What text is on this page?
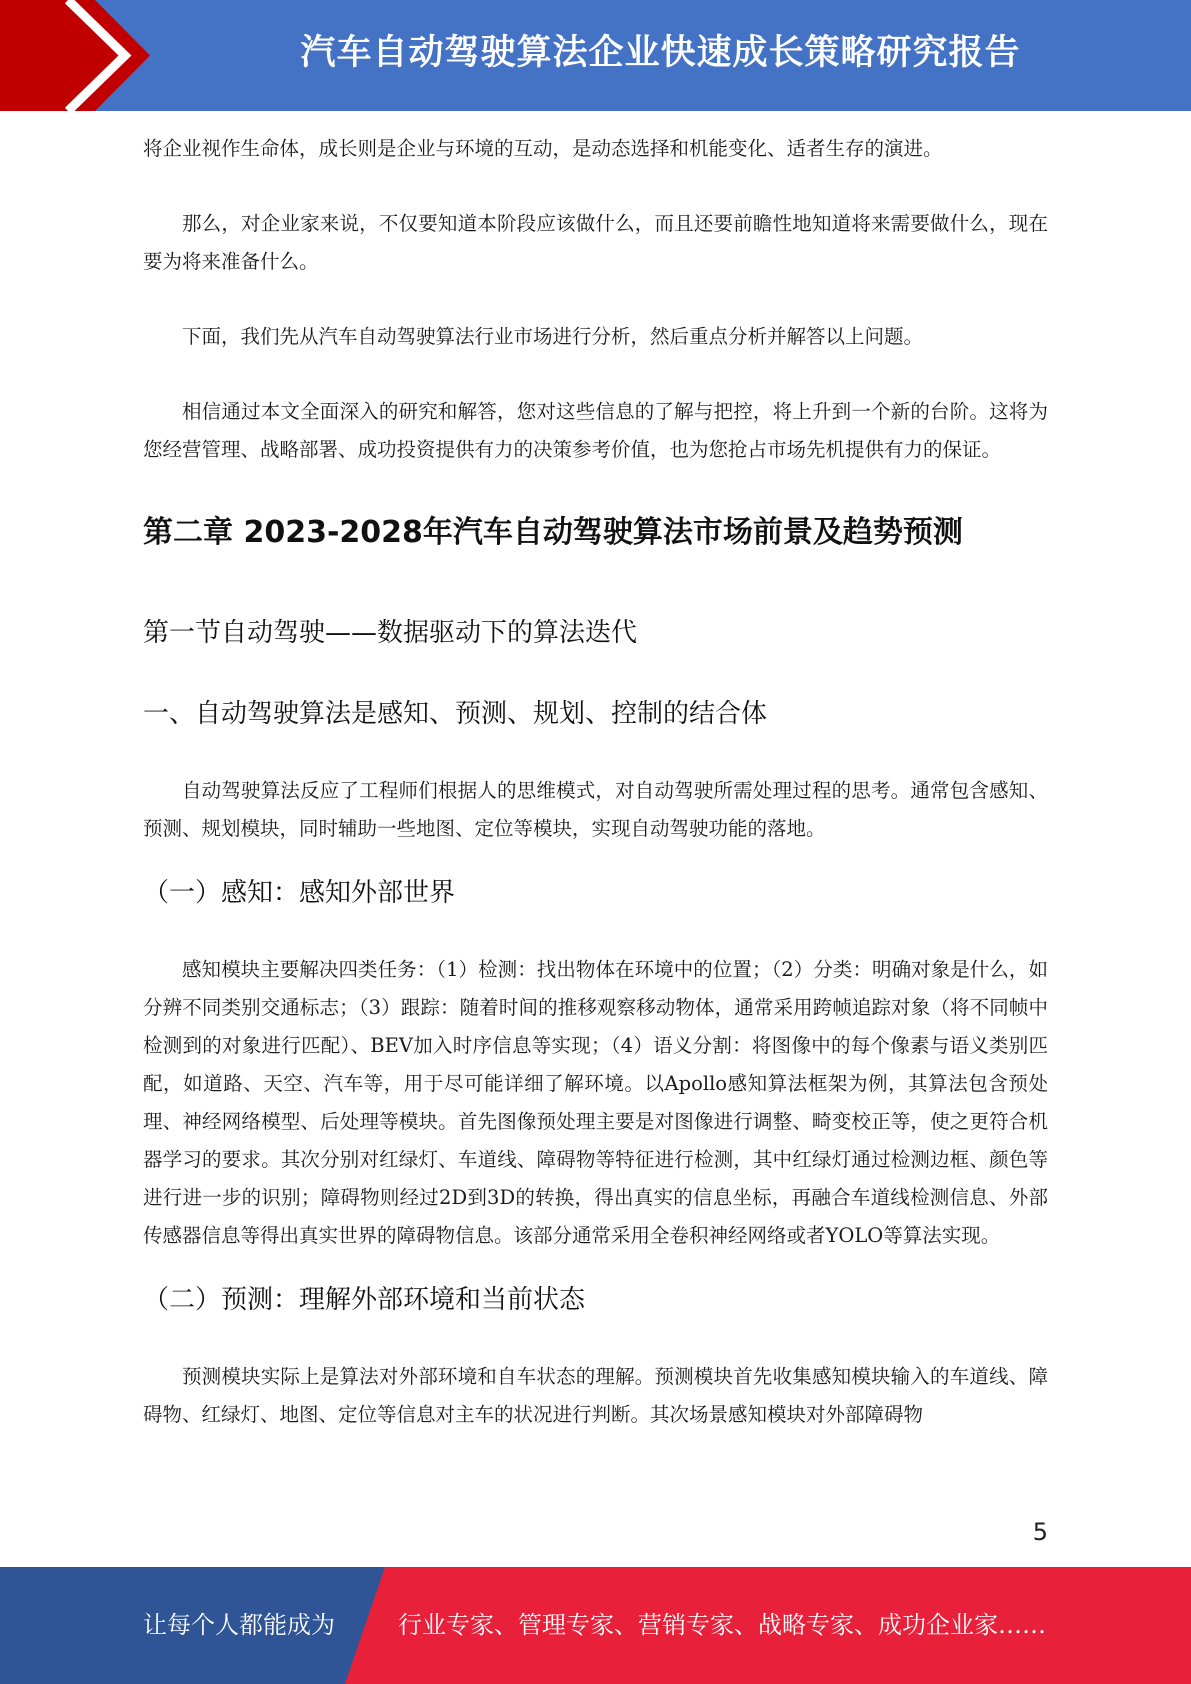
汽车自动驾驶算法企业快速成长策略研究报告

将企业视作生命体，成长则是企业与环境的互动，是动态选择和机能变化、适者生存的演进。

那么，对企业家来说，不仅要知道本阶段应该做什么，而且还要前瞻性地知道将来需要做什么，现在要为将来准备什么。

下面，我们先从汽车自动驾驶算法行业市场进行分析，然后重点分析并解答以上问题。

相信通过本文全面深入的研究和解答，您对这些信息的了解与把控，将上升到一个新的台阶。这将为您经营管理、战略部署、成功投资提供有力的决策参考价值，也为您抢占市场先机提供有力的保证。

第二章 2023-2028年汽车自动驾驶算法市场前景及趋势预测
第一节自动驾驶——数据驱动下的算法迭代
一、自动驾驶算法是感知、预测、规划、控制的结合体

自动驾驶算法反应了工程师们根据人的思维模式，对自动驾驶所需处理过程的思考。通常包含感知、预测、规划模块，同时辅助一些地图、定位等模块，实现自动驾驶功能的落地。

（一）感知：感知外部世界

感知模块主要解决四类任务：（1）检测：找出物体在环境中的位置；（2）分类：明确对象是什么，如分辨不同类别交通标志；（3）跟踪：随着时间的推移观察移动物体，通常采用跨帧追踪对象（将不同帧中检测到的对象进行匹配）、BEV加入时序信息等实现；（4）语义分割：将图像中的每个像素与语义类别匹配，如道路、天空、汽车等，用于尽可能详细了解环境。以Apollo感知算法框架为例，其算法包含预处理、神经网络模型、后处理等模块。首先图像预处理主要是对图像进行调整、畸变校正等，使之更符合机器学习的要求。其次分别对红绿灯、车道线、障碍物等特征进行检测，其中红绿灯通过检测边框、颜色等进行进一步的识别；障碍物则经过2D到3D的转换，得出真实的信息坐标，再融合车道线检测信息、外部传感器信息等得出真实世界的障碍物信息。该部分通常采用全卷积神经网络或者YOLO等算法实现。

（二）预测：理解外部环境和当前状态

预测模块实际上是算法对外部环境和自车状态的理解。预测模块首先收集感知模块输入的车道线、障碍物、红绿灯、地图、定位等信息对主车的状况进行判断。其次场景感知模块对外部障碍物

5
让每个人都能成为	行业专家、管理专家、营销专家、战略专家、成功企业家……
